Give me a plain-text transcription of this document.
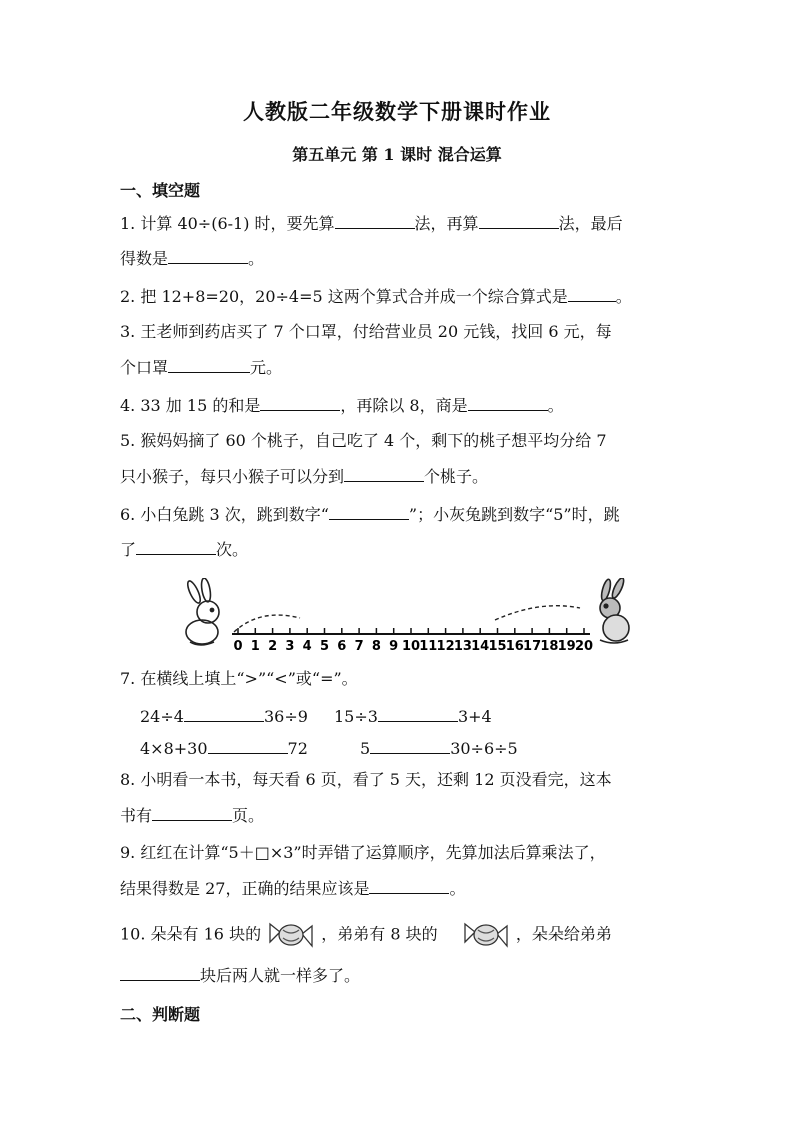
人教版二年级数学下册课时作业
第五单元 第 1 课时 混合运算
一、填空题
1. 计算 40÷(6-1) 时，要先算	法，再算	法，最后
得数是	。
2. 把 12+8=20，20÷4=5 这两个算式合并成一个综合算式是	。
3. 王老师到药店买了 7 个口罩，付给营业员 20 元钱，找回 6 元，每
个口罩	元。
4. 33 加 15 的和是	，再除以 8，商是	。
5. 猴妈妈摘了 60 个桃子，自己吃了 4 个，剩下的桃子想平均分给 7
只小猴子，每只小猴子可以分到	个桃子。
6. 小白兔跳 3 次，跳到数字“	”；小灰兔跳到数字“5”时，跳
了	次。
0 1 2 3 4 5 6 7 8 9 10 11 12 13 14 15 16 17 18 19 20
7. 在横线上填上“>”“<”或“=”。
24÷4	36÷9 15÷3	3+4
4×8+30	72	5	30÷6÷5
8. 小明看一本书，每天看 6 页，看了 5 天，还剩 12 页没看完，这本
书有	页。
9. 红红在计算“5＋□×3”时弄错了运算顺序，先算加法后算乘法了，
结果得数是 27，正确的结果应该是	。
10. 朵朵有 16 块的	，弟弟有 8 块的	，朵朵给弟弟
块后两人就一样多了。
二、判断题
